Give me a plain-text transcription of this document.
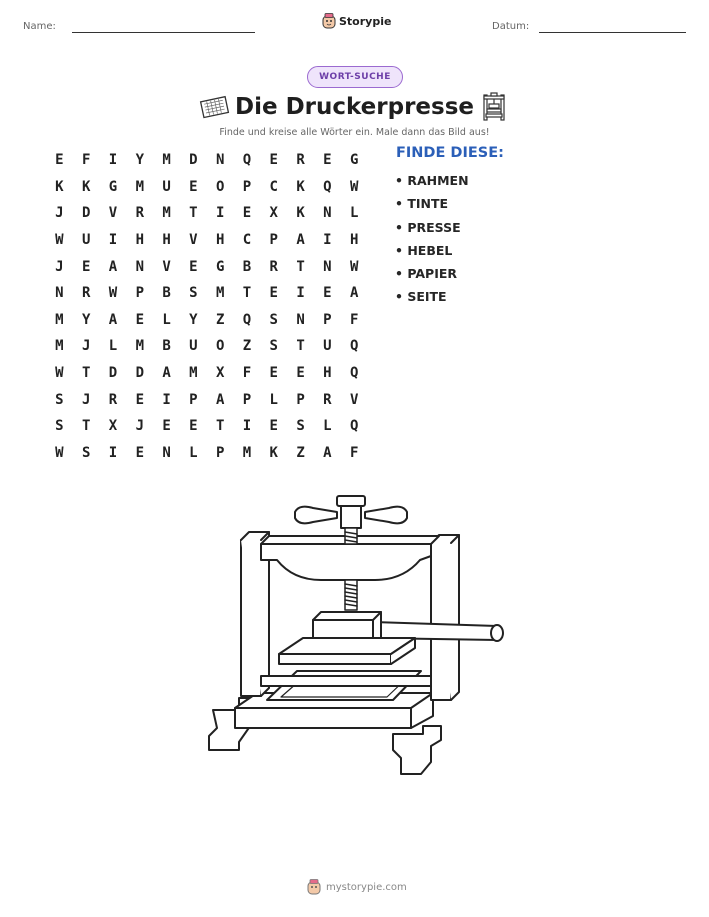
Name:	Storypie	Datum:
WORT-SUCHE
Die Druckerpresse
Finde und kreise alle Wörter ein. Male dann das Bild aus!
E	F	I	Y	M	D	N	Q	E	R	E	G
K	K	G	M	U	E	O	P	C	K	Q	W
J	D	V	R	M	T	I	E	X	K	N	L
W	U	I	H	H	V	H	C	P	A	I	H
J	E	A	N	V	E	G	B	R	T	N	W
N	R	W	P	B	S	M	T	E	I	E	A
M	Y	A	E	L	Y	Z	Q	S	N	P	F
M	J	L	M	B	U	O	Z	S	T	U	Q
W	T	D	D	A	M	X	F	E	E	H	Q
S	J	R	E	I	P	A	P	L	P	R	V
S	T	X	J	E	E	T	I	E	S	L	Q
W	S	I	E	N	L	P	M	K	Z	A	F
FINDE DIESE:
• RAHMEN
• TINTE
• PRESSE
• HEBEL
• PAPIER
• SEITE
mystorypie.com
